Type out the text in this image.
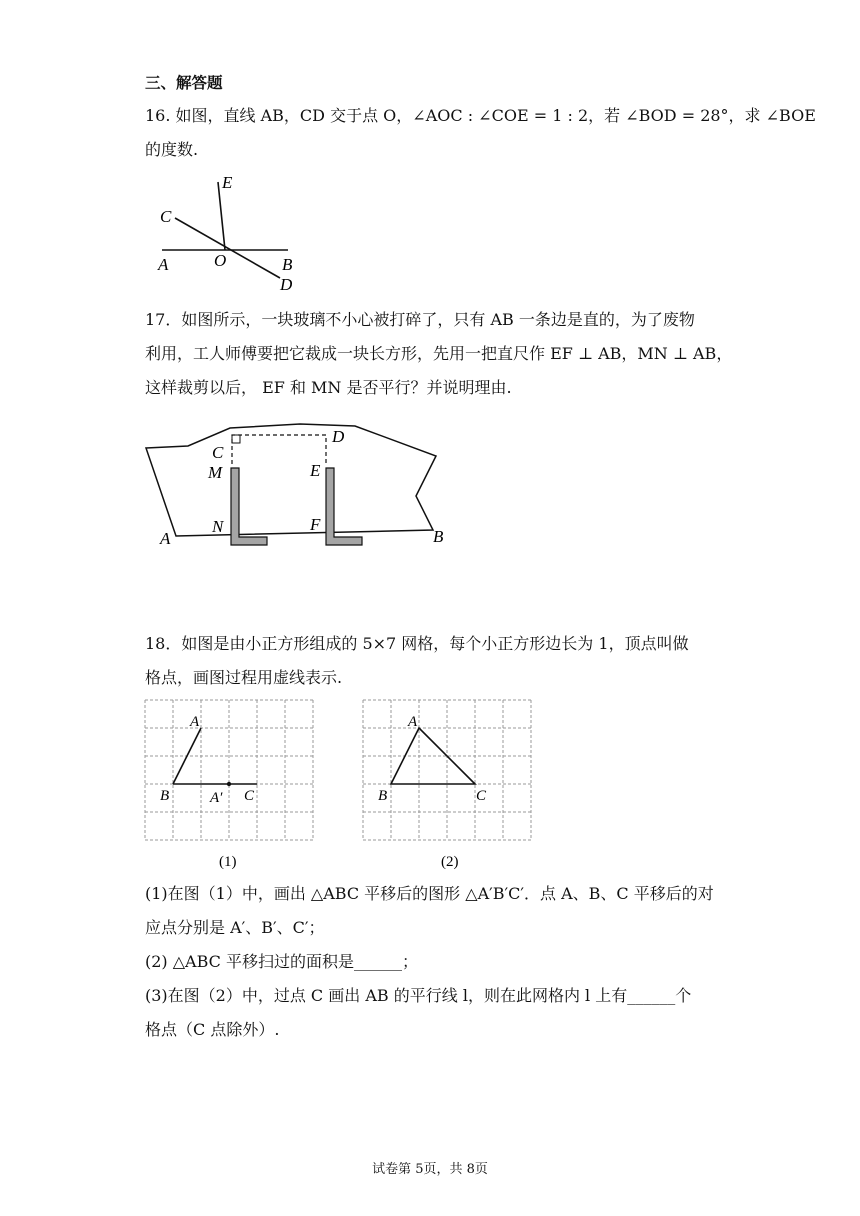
三、解答题
16. 如图，直线 AB，CD 交于点 O，∠AOC : ∠COE = 1 : 2，若 ∠BOD = 28°，求 ∠BOE
的度数.
E
C
A	O	B
D
17．如图所示，一块玻璃不小心被打碎了，只有 AB 一条边是直的，为了废物
利用，工人师傅要把它裁成一块长方形，先用一把直尺作 EF ⊥ AB，MN ⊥ AB，
这样裁剪以后， EF 和 MN 是否平行？并说明理由.
C
D
M	E
N	F
A	B
18．如图是由小正方形组成的 5×7 网格，每个小正方形边长为 1，顶点叫做
格点，画图过程用虚线表示.
A
B	A′ C
(1)
A
B	C
(2)
(1)在图（1）中，画出 △ABC 平移后的图形 △A′B′C′．点 A、B、C 平移后的对
应点分别是 A′、B′、C′；
(2) △ABC 平移扫过的面积是______；
(3)在图（2）中，过点 C 画出 AB 的平行线 l，则在此网格内 l 上有______个
格点（C 点除外）.
试卷第 5页，共 8页
